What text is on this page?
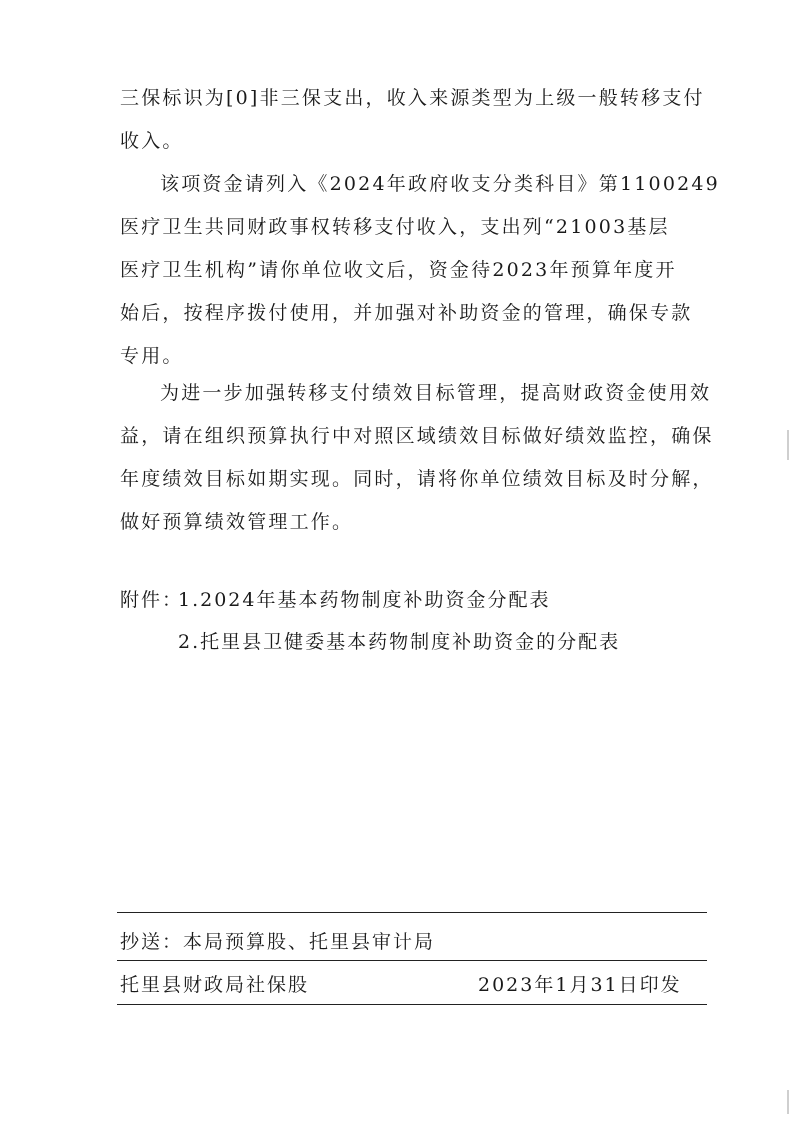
三保标识为[0]非三保支出，收入来源类型为上级一般转移支付
收入。
该项资金请列入《2024年政府收支分类科目》第1100249
医疗卫生共同财政事权转移支付收入，支出列“21003基层
医疗卫生机构”请你单位收文后，资金待2023年预算年度开
始后，按程序拨付使用，并加强对补助资金的管理，确保专款
专用。
为进一步加强转移支付绩效目标管理，提高财政资金使用效
益，请在组织预算执行中对照区域绩效目标做好绩效监控，确保
年度绩效目标如期实现。同时，请将你单位绩效目标及时分解，
做好预算绩效管理工作。
附件：
1.2024年基本药物制度补助资金分配表
2.托里县卫健委基本药物制度补助资金的分配表
抄送：本局预算股、托里县审计局
托里县财政局社保股	2023年1月31日印发
